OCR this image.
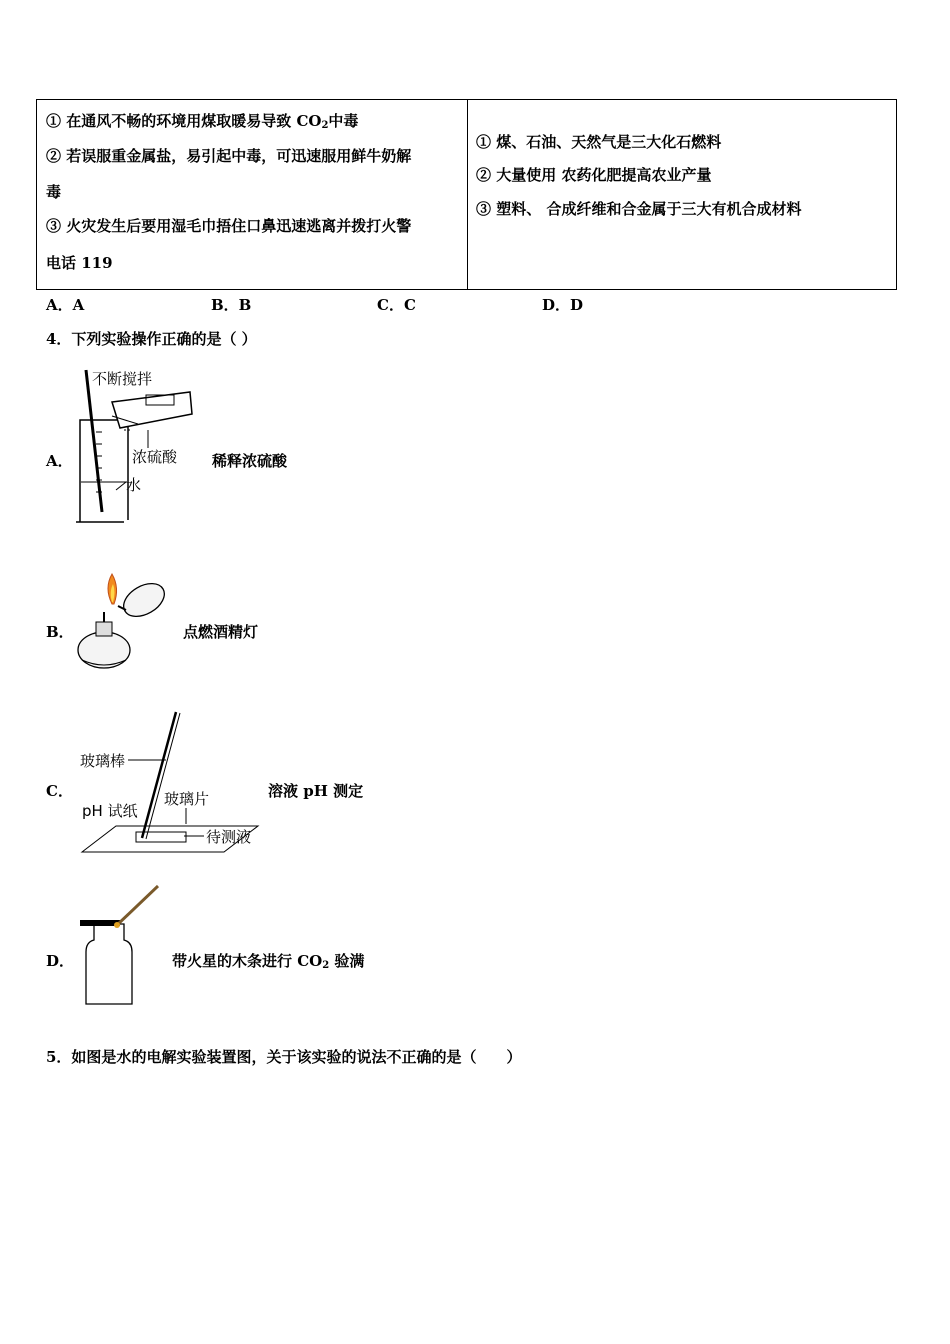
① 在通风不畅的环境用煤取暖易导致 $CO_2$中毒
② 若误服重金属盐，易引起中毒，可迅速服用鲜牛奶解
毒
③ 火灾发生后要用湿毛巾捂住口鼻迅速逃离并拨打火警
电话 119
① 煤、石油、天然气是三大化石燃料
② 大量使用 农药化肥提高农业产量
③ 塑料、 合成纤维和合金属于三大有机合成材料
A．A	B．B	C．C	D．D
4．下列实验操作正确的是（ ）
A．
不断搅拌
浓硫酸
水
稀释浓硫酸
B．	点燃酒精灯
C．
玻璃棒
玻璃片
pH 试纸
待测液
溶液 pH 测定
D．	带火星的木条进行 $CO_2$ 验满
5．如图是水的电解实验装置图，关于该实验的说法不正确的是（　　）
